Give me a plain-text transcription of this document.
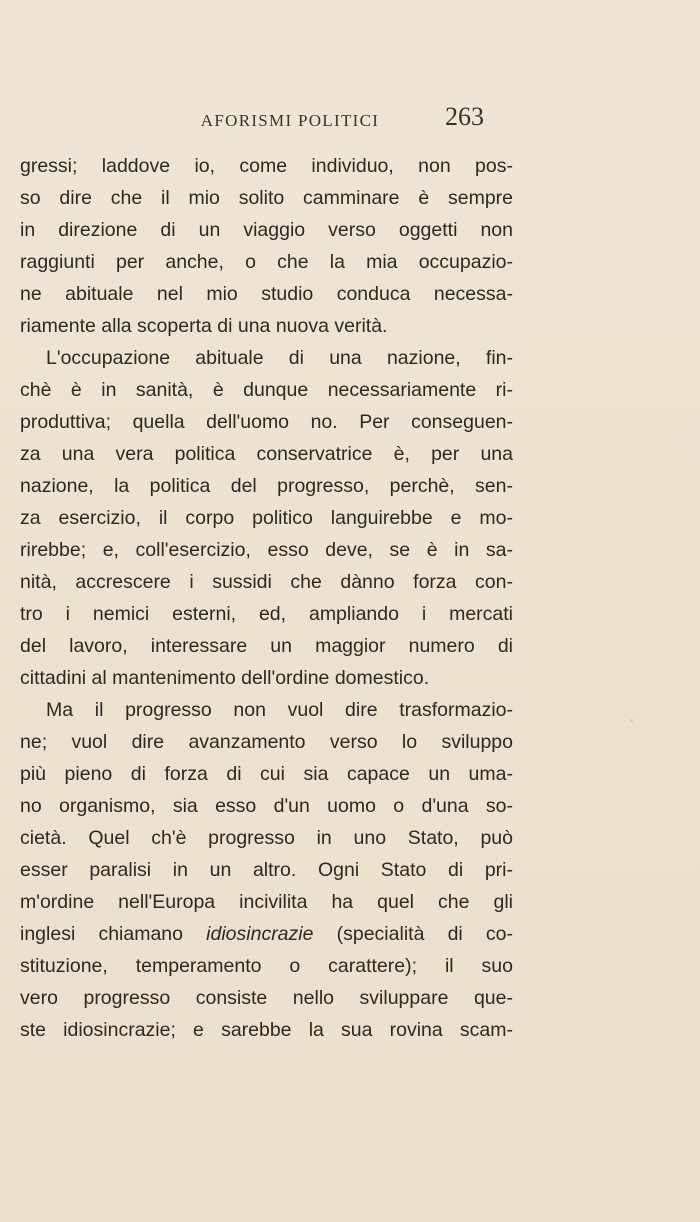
AFORISMI POLITICI	263
gressi; laddove io, come individuo, non pos-
so dire che il mio solito camminare è sempre
in direzione di un viaggio verso oggetti non
raggiunti per anche, o che la mia occupazio-
ne abituale nel mio studio conduca necessa-
riamente alla scoperta di una nuova verità.
L'occupazione abituale di una nazione, fin-
chè è in sanità, è dunque necessariamente ri-
produttiva; quella dell'uomo no. Per conseguen-
za una vera politica conservatrice è, per una
nazione, la politica del progresso, perchè, sen-
za esercizio, il corpo politico languirebbe e mo-
rirebbe; e, coll'esercizio, esso deve, se è in sa-
nità, accrescere i sussidi che dànno forza con-
tro i nemici esterni, ed, ampliando i mercati
del lavoro, interessare un maggior numero di
cittadini al mantenimento dell'ordine domestico.
Ma il progresso non vuol dire trasformazio-
ne; vuol dire avanzamento verso lo sviluppo
più pieno di forza di cui sia capace un uma-
no organismo, sia esso d'un uomo o d'una so-
cietà. Quel ch'è progresso in uno Stato, può
esser paralisi in un altro. Ogni Stato di pri-
m'ordine nell'Europa incivilita ha quel che gli
inglesi chiamano idiosincrazie (specialità di co-
stituzione, temperamento o carattere); il suo
vero progresso consiste nello sviluppare que-
ste idiosincrazie; e sarebbe la sua rovina scam-
